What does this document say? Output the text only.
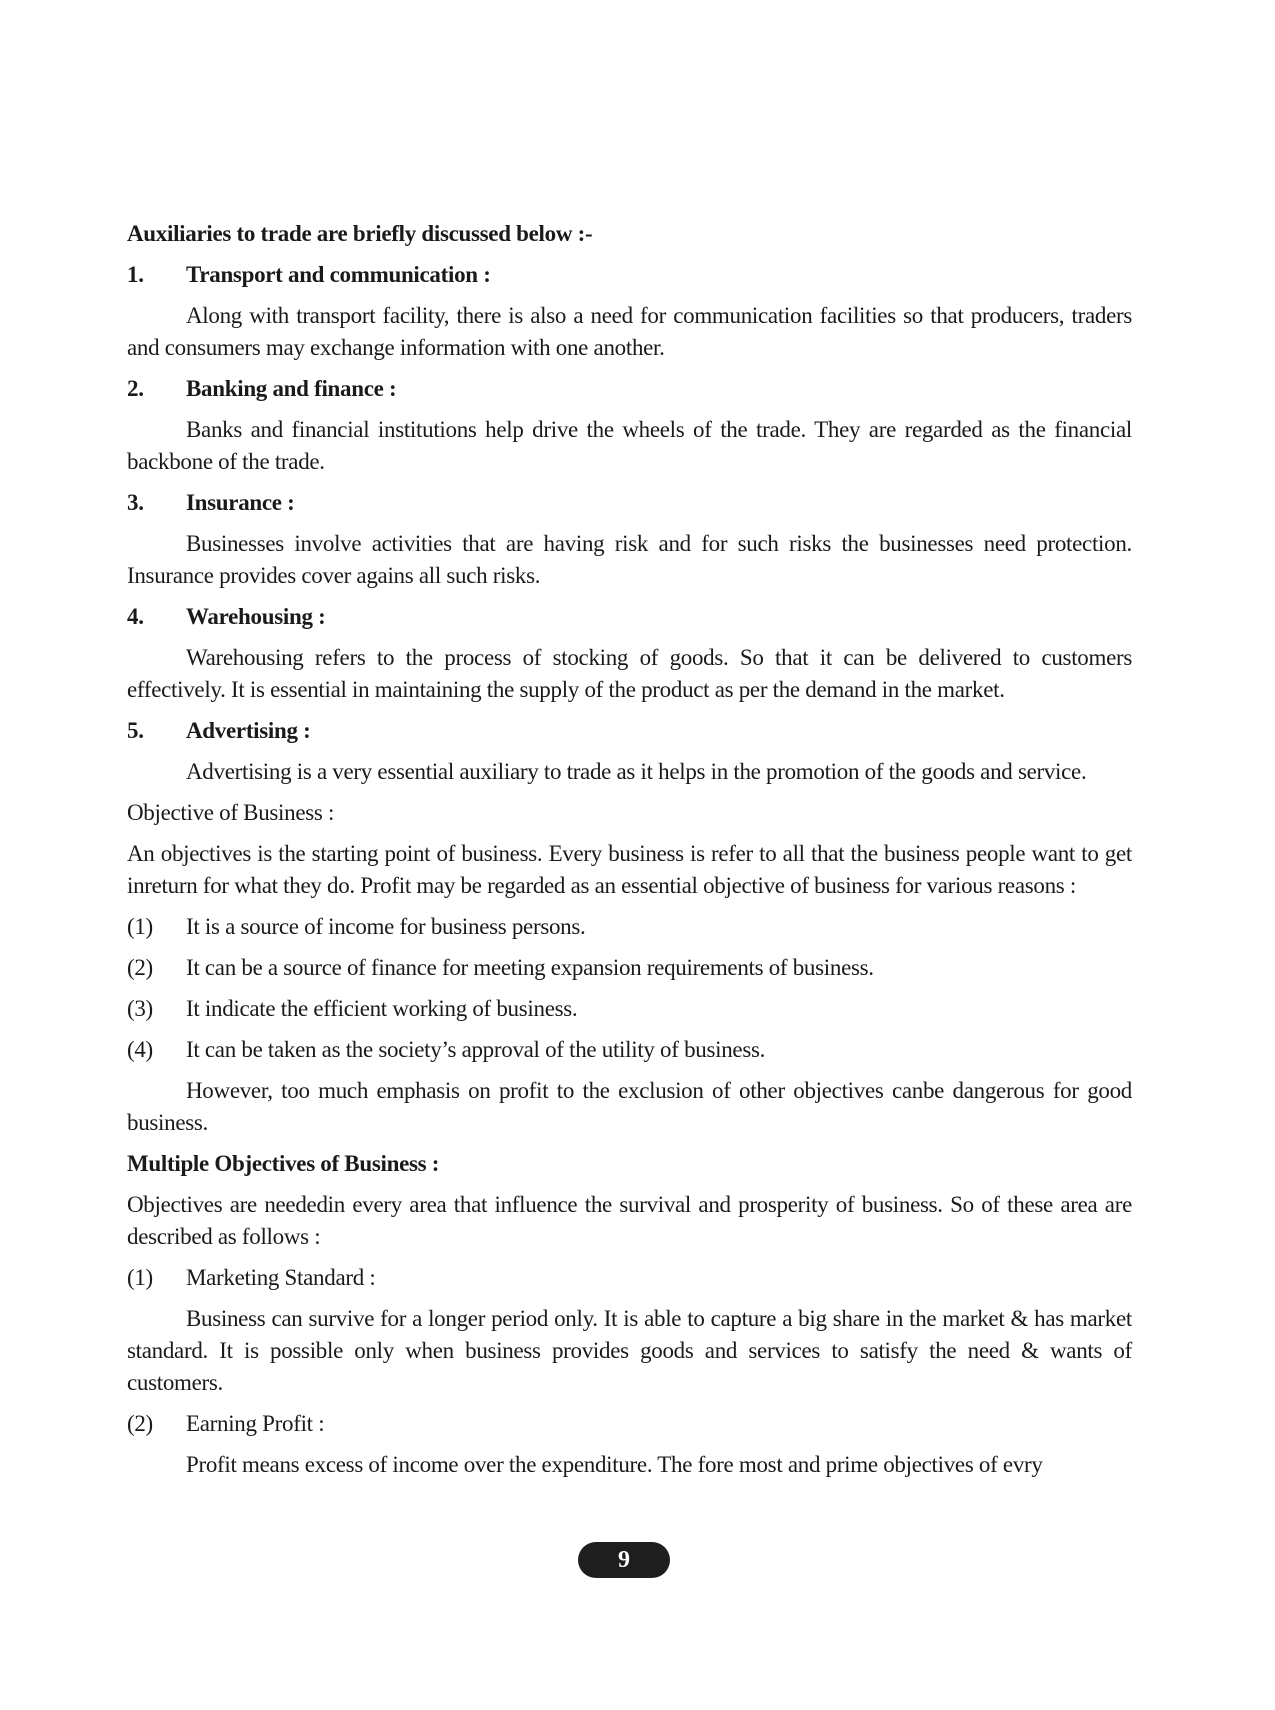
Auxiliaries to trade are briefly discussed below :-
1.	Transport and communication :

Along with transport facility, there is also a need for communication facilities so that producers, traders and consumers may exchange information with one another.

2.	Banking and finance :

Banks and financial institutions help drive the wheels of the trade. They are regarded as the financial backbone of the trade.

3.	Insurance :

Businesses involve activities that are having risk and for such risks the businesses need protection. Insurance provides cover agains all such risks.

4.	Warehousing :

Warehousing refers to the process of stocking of goods. So that it can be delivered to customers effectively. It is essential in maintaining the supply of the product as per the demand in the market.

5.	Advertising :

Advertising is a very essential auxiliary to trade as it helps in the promotion of the goods and service.

Objective of Business :

An objectives is the starting point of business. Every business is refer to all that the business people want to get inreturn for what they do. Profit may be regarded as an essential objective of business for various reasons :

(1)	It is a source of income for business persons.
(2)	It can be a source of finance for meeting expansion requirements of business.
(3)	It indicate the efficient working of business.
(4)	It can be taken as the society’s approval of the utility of business.

However, too much emphasis on profit to the exclusion of other objectives canbe dangerous for good business.

Multiple Objectives of Business :

Objectives are neededin every area that influence the survival and prosperity of business. So of these area are described as follows :

(1)	Marketing Standard :

Business can survive for a longer period only. It is able to capture a big share in the market & has market standard. It is possible only when business provides goods and services to satisfy the need & wants of customers.

(2)	Earning Profit :

Profit means excess of income over the expenditure. The fore most and prime objectives of evry

9
